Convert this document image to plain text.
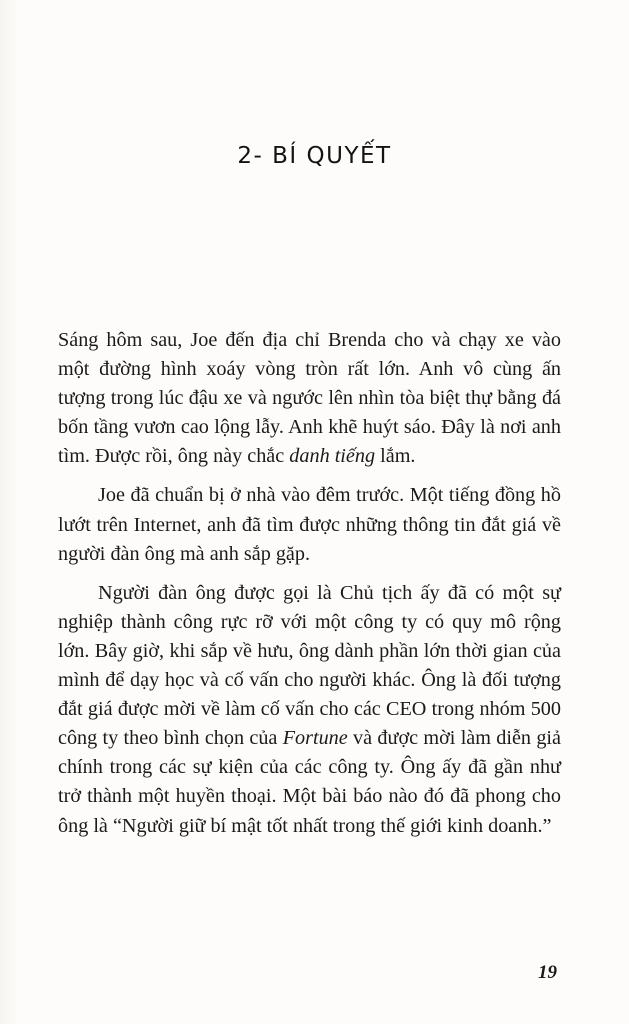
2- BÍ QUYẾT

Sáng hôm sau, Joe đến địa chỉ Brenda cho và chạy xe vào một đường hình xoáy vòng tròn rất lớn. Anh vô cùng ấn tượng trong lúc đậu xe và ngước lên nhìn tòa biệt thự bằng đá bốn tầng vươn cao lộng lẫy. Anh khẽ huýt sáo. Đây là nơi anh tìm. Được rồi, ông này chắc danh tiếng lắm.

Joe đã chuẩn bị ở nhà vào đêm trước. Một tiếng đồng hồ lướt trên Internet, anh đã tìm được những thông tin đắt giá về người đàn ông mà anh sắp gặp.

Người đàn ông được gọi là Chủ tịch ấy đã có một sự nghiệp thành công rực rỡ với một công ty có quy mô rộng lớn. Bây giờ, khi sắp về hưu, ông dành phần lớn thời gian của mình để dạy học và cố vấn cho người khác. Ông là đối tượng đắt giá được mời về làm cố vấn cho các CEO trong nhóm 500 công ty theo bình chọn của Fortune và được mời làm diễn giả chính trong các sự kiện của các công ty. Ông ấy đã gần như trở thành một huyền thoại. Một bài báo nào đó đã phong cho ông là “Người giữ bí mật tốt nhất trong thế giới kinh doanh.”

19
